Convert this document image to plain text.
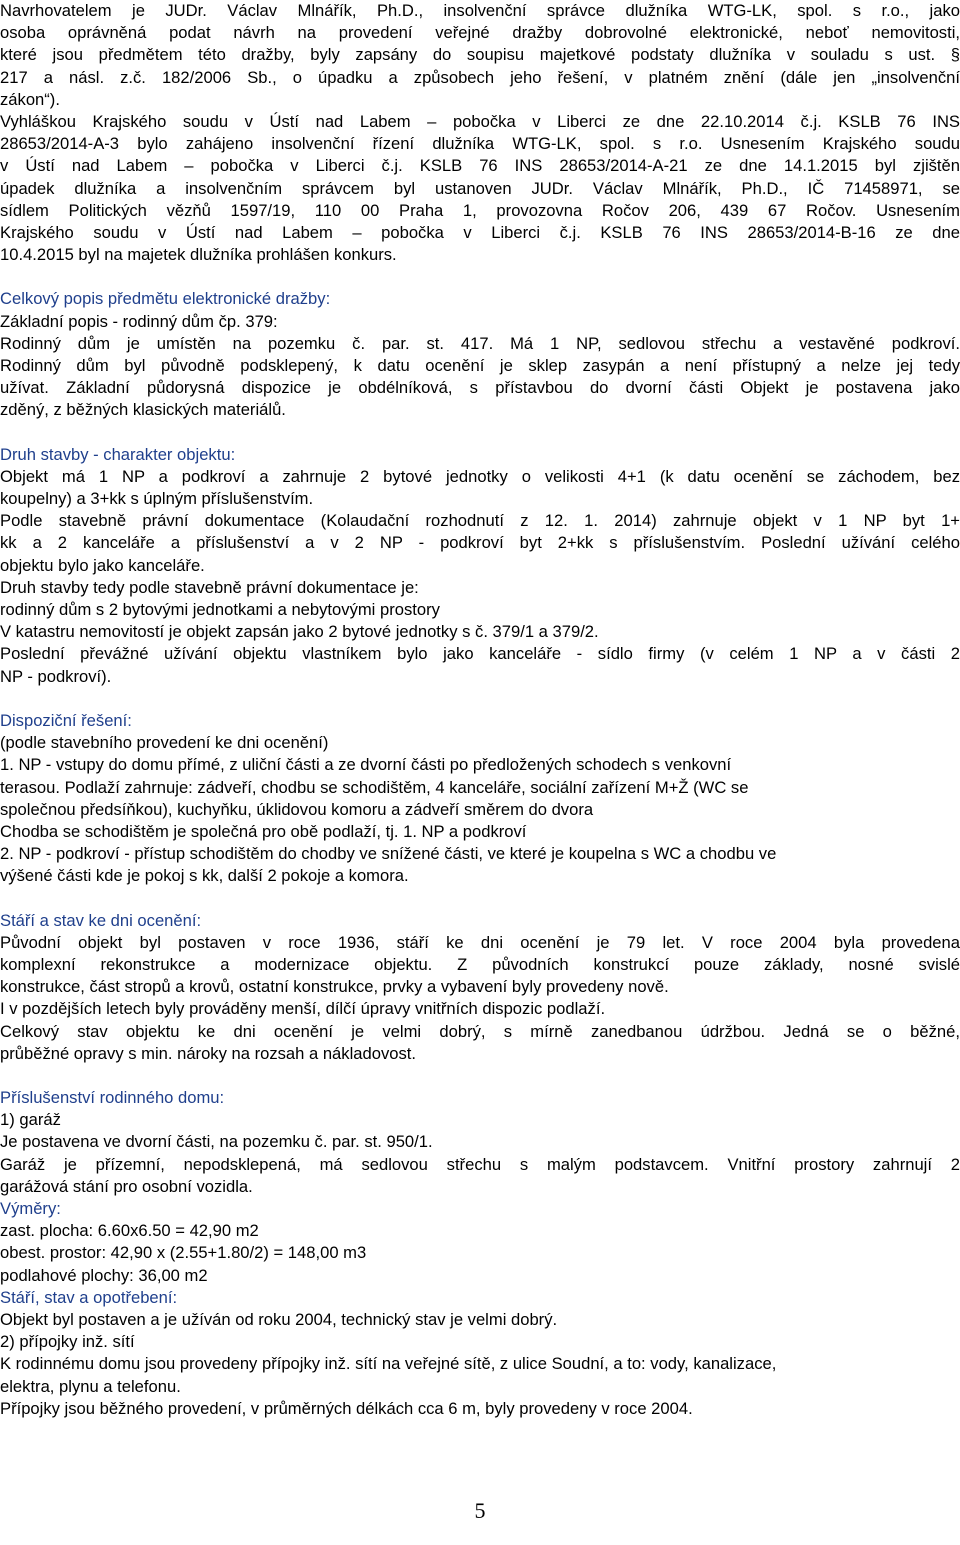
Navrhovatelem je JUDr. Václav Mlnářík, Ph.D., insolvenční správce dlužníka WTG-LK, spol. s r.o., jako
osoba oprávněná podat návrh na provedení veřejné dražby dobrovolné elektronické, neboť nemovitosti,
které jsou předmětem této dražby, byly zapsány do soupisu majetkové podstaty dlužníka v souladu s ust. §
217 a násl. z.č. 182/2006 Sb., o úpadku a způsobech jeho řešení, v platném znění (dále jen „insolvenční
zákon“).
Vyhláškou Krajského soudu v Ústí nad Labem – pobočka v Liberci ze dne 22.10.2014 č.j. KSLB 76 INS
28653/2014-A-3 bylo zahájeno insolvenční řízení dlužníka WTG-LK, spol. s r.o. Usnesením Krajského soudu
v Ústí nad Labem – pobočka v Liberci č.j. KSLB 76 INS 28653/2014-A-21 ze dne 14.1.2015 byl zjištěn
úpadek dlužníka a insolvenčním správcem byl ustanoven JUDr. Václav Mlnářík, Ph.D., IČ 71458971, se
sídlem Politických vězňů 1597/19, 110 00 Praha 1, provozovna Ročov 206, 439 67 Ročov. Usnesením
Krajského soudu v Ústí nad Labem – pobočka v Liberci č.j. KSLB 76 INS 28653/2014-B-16 ze dne
10.4.2015 byl na majetek dlužníka prohlášen konkurs.
Celkový popis předmětu elektronické dražby:
Základní popis - rodinný dům čp. 379:
Rodinný dům je umístěn na pozemku č. par. st. 417. Má 1 NP, sedlovou střechu a vestavěné podkroví.
Rodinný dům byl původně podsklepený, k datu ocenění je sklep zasypán a není přístupný a nelze jej tedy
užívat. Základní půdorysná dispozice je obdélníková, s přístavbou do dvorní části Objekt je postavena jako
zděný, z běžných klasických materiálů.
Druh stavby - charakter objektu:
Objekt má 1 NP a podkroví a zahrnuje 2 bytové jednotky o velikosti 4+1 (k datu ocenění se záchodem, bez
koupelny) a 3+kk s úplným příslušenstvím.
Podle stavebně právní dokumentace (Kolaudační rozhodnutí z 12. 1. 2014) zahrnuje objekt v 1 NP byt 1+
kk a 2 kanceláře a příslušenství a v 2 NP - podkroví byt 2+kk s příslušenstvím. Poslední užívání celého
objektu bylo jako kanceláře.
Druh stavby tedy podle stavebně právní dokumentace je:
rodinný dům s 2 bytovými jednotkami a nebytovými prostory
V katastru nemovitostí je objekt zapsán jako 2 bytové jednotky s č. 379/1 a 379/2.
Poslední převážné užívání objektu vlastníkem bylo jako kanceláře - sídlo firmy (v celém 1 NP a v části 2
NP - podkroví).
Dispoziční řešení:
(podle stavebního provedení ke dni ocenění)
1. NP - vstupy do domu přímé, z uliční části a ze dvorní části po předložených schodech s venkovní
terasou. Podlaží zahrnuje: zádveří, chodbu se schodištěm, 4 kanceláře, sociální zařízení M+Ž (WC se
společnou předsíňkou), kuchyňku, úklidovou komoru a zádveří směrem do dvora
Chodba se schodištěm je společná pro obě podlaží, tj. 1. NP a podkroví
2. NP - podkroví - přístup schodištěm do chodby ve snížené části, ve které je koupelna s WC a chodbu ve
výšené části kde je pokoj s kk, další 2 pokoje a komora.
Stáří a stav ke dni ocenění:
Původní objekt byl postaven v roce 1936, stáří ke dni ocenění je 79 let. V roce 2004 byla provedena
komplexní rekonstrukce a modernizace objektu. Z původních konstrukcí pouze základy, nosné svislé
konstrukce, část stropů a krovů, ostatní konstrukce, prvky a vybavení byly provedeny nově.
I v pozdějších letech byly prováděny menší, dílčí úpravy vnitřních dispozic podlaží.
Celkový stav objektu ke dni ocenění je velmi dobrý, s mírně zanedbanou údržbou. Jedná se o běžné,
průběžné opravy s min. nároky na rozsah a nákladovost.
Příslušenství rodinného domu:
1) garáž
Je postavena ve dvorní části, na pozemku č. par. st. 950/1.
Garáž je přízemní, nepodsklepená, má sedlovou střechu s malým podstavcem. Vnitřní prostory zahrnují 2
garážová stání pro osobní vozidla.
Výměry:
zast. plocha: 6.60x6.50 = 42,90 m2
obest. prostor: 42,90 x (2.55+1.80/2) = 148,00 m3
podlahové plochy: 36,00 m2
Stáří, stav a opotřebení:
Objekt byl postaven a je užíván od roku 2004, technický stav je velmi dobrý.
2) přípojky inž. sítí
K rodinnému domu jsou provedeny přípojky inž. sítí na veřejné sítě, z ulice Soudní, a to: vody, kanalizace,
elektra, plynu a telefonu.
Přípojky jsou běžného provedení, v průměrných délkách cca 6 m, byly provedeny v roce 2004.
5
